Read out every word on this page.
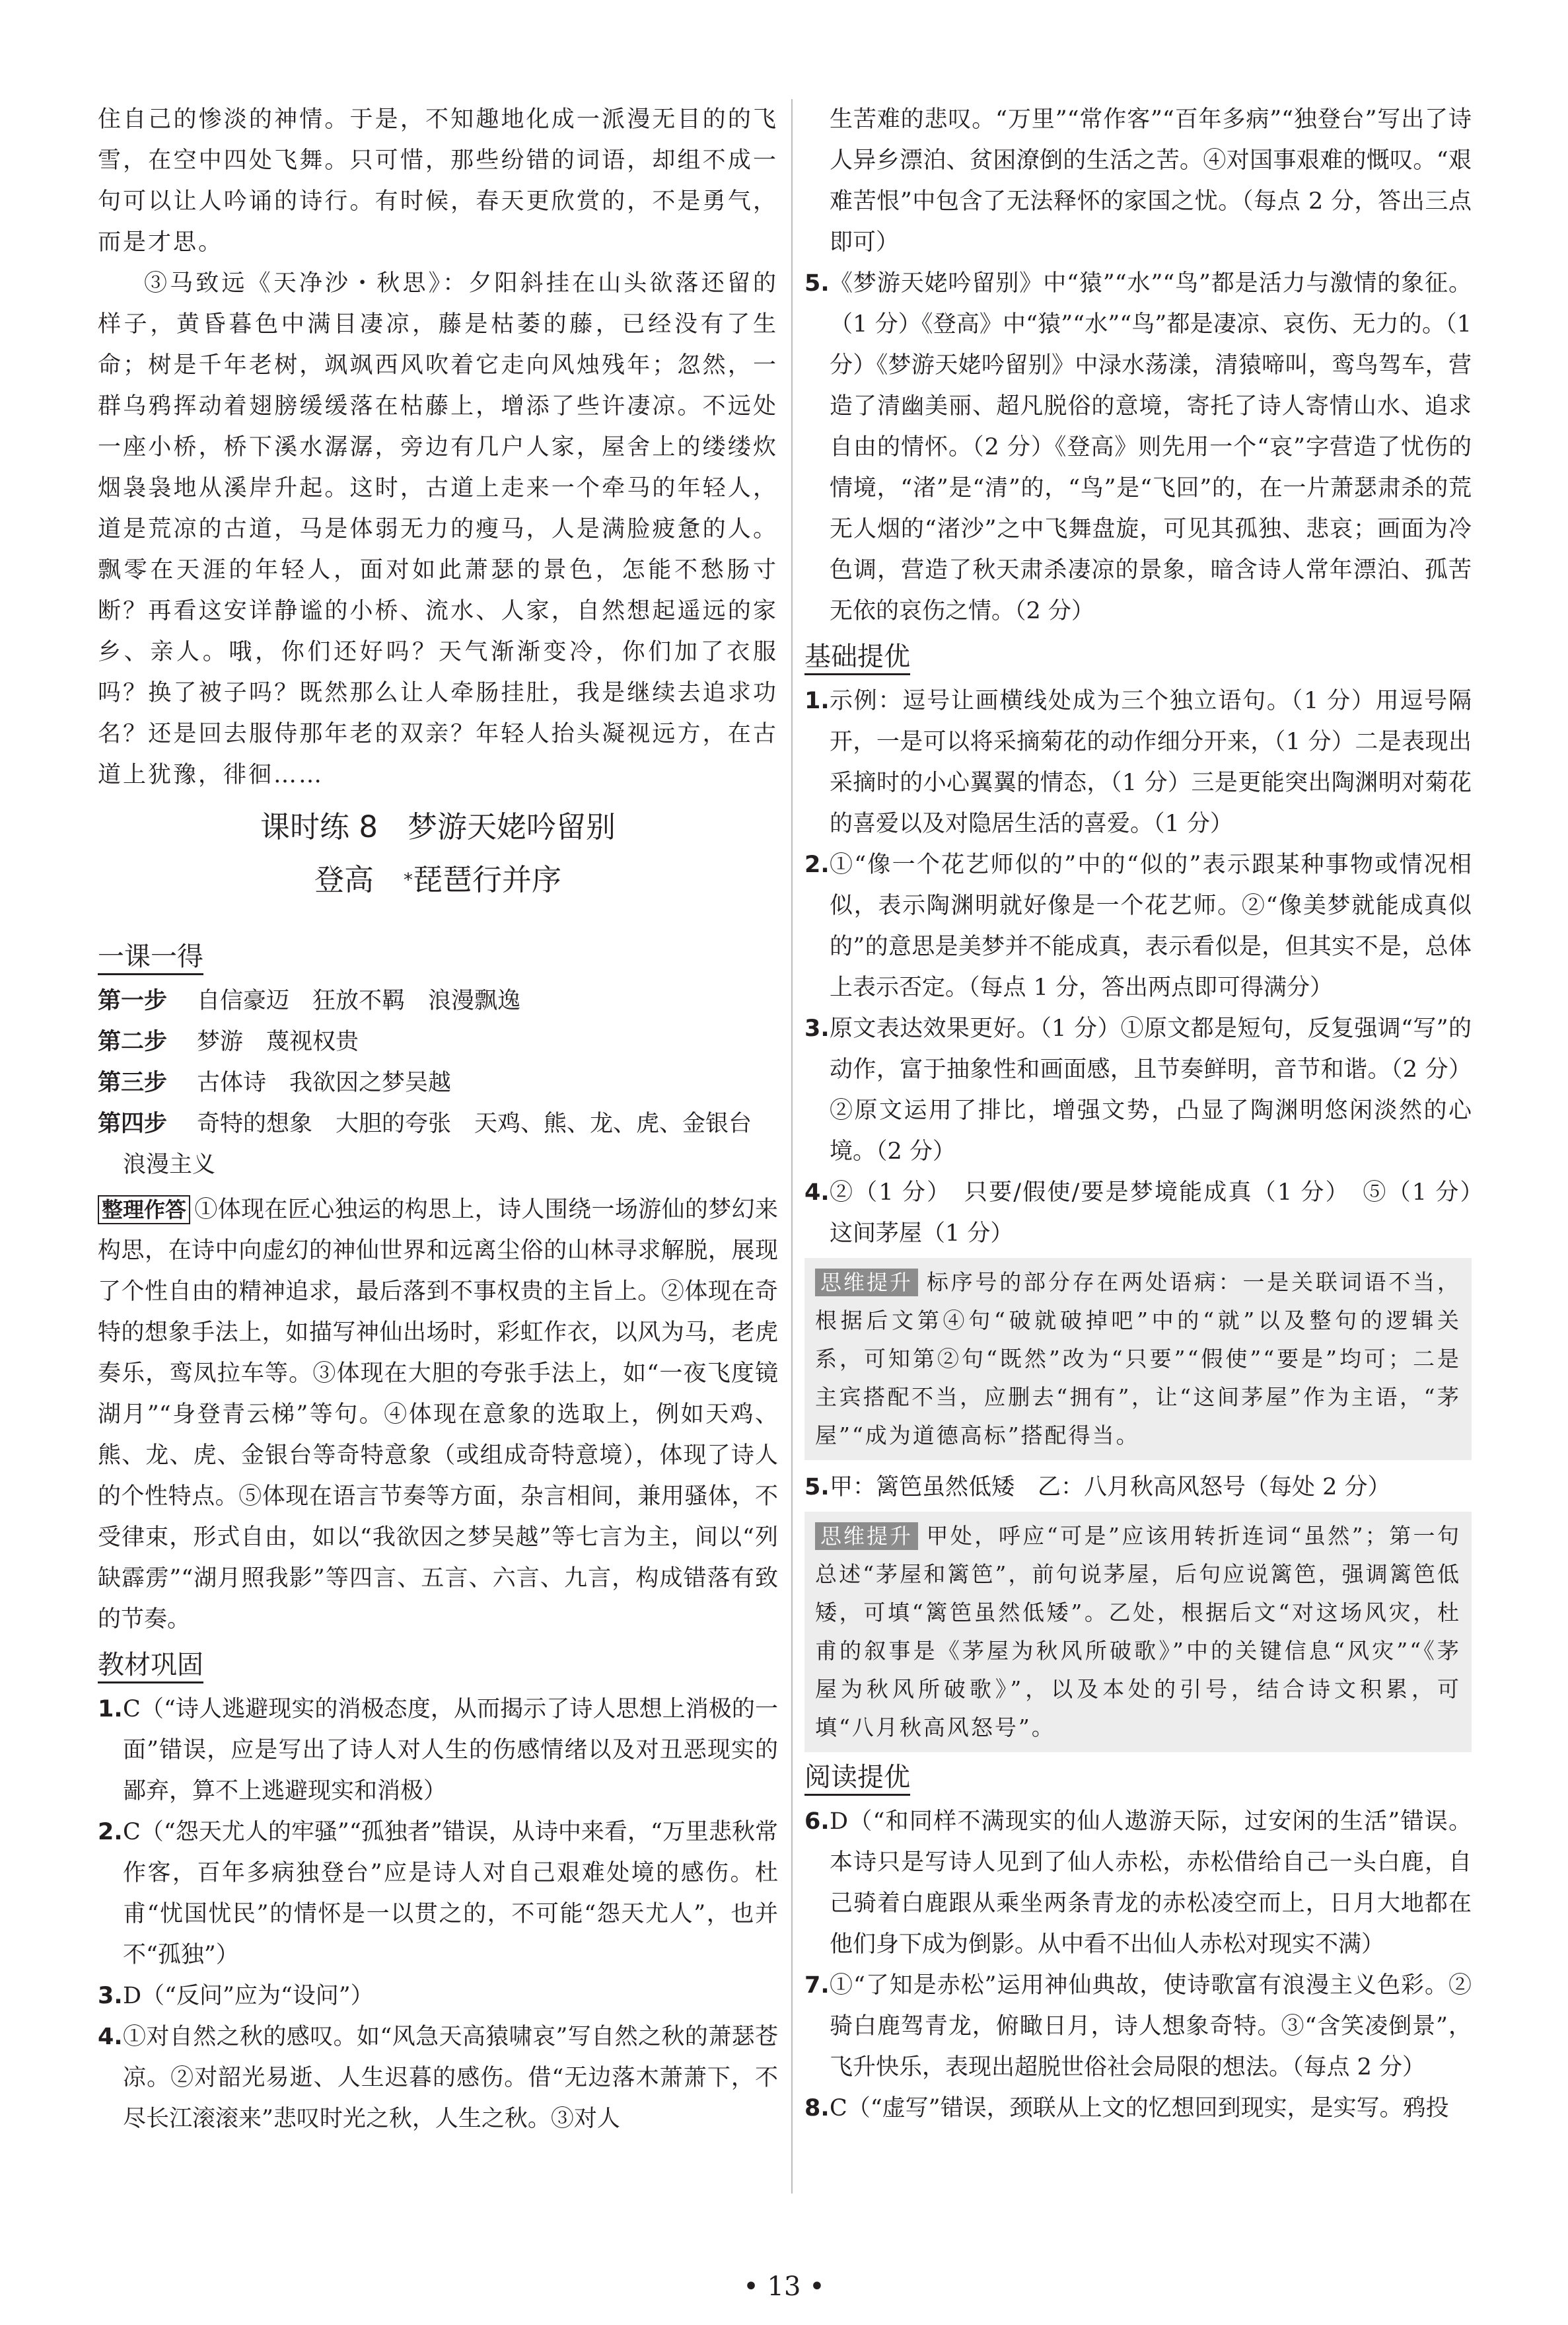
住自己的惨淡的神情。于是，不知趣地化成一派漫无目的的飞雪，在空中四处飞舞。只可惜，那些纷错的词语，却组不成一句可以让人吟诵的诗行。有时候，春天更欣赏的，不是勇气，而是才思。

③马致远《天净沙・秋思》：夕阳斜挂在山头欲落还留的样子，黄昏暮色中满目凄凉，藤是枯萎的藤，已经没有了生命；树是千年老树，飒飒西风吹着它走向风烛残年；忽然，一群乌鸦挥动着翅膀缓缓落在枯藤上，增添了些许凄凉。不远处一座小桥，桥下溪水潺潺，旁边有几户人家，屋舍上的缕缕炊烟袅袅地从溪岸升起。这时，古道上走来一个牵马的年轻人，道是荒凉的古道，马是体弱无力的瘦马，人是满脸疲惫的人。飘零在天涯的年轻人，面对如此萧瑟的景色，怎能不愁肠寸断？再看这安详静谧的小桥、流水、人家，自然想起遥远的家乡、亲人。哦，你们还好吗？天气渐渐变冷，你们加了衣服吗？换了被子吗？既然那么让人牵肠挂肚，我是继续去追求功名？还是回去服侍那年老的双亲？年轻人抬头凝视远方，在古道上犹豫，徘徊……

课时练 8　梦游天姥吟留别
登高　*琵琶行并序
一课一得
第一步	自信豪迈　狂放不羁　浪漫飘逸
第二步	梦游　蔑视权贵
第三步	古体诗　我欲因之梦吴越
第四步	奇特的想象　大胆的夸张　天鸡、熊、龙、虎、金银台

浪漫主义

整理作答 ①体现在匠心独运的构思上，诗人围绕一场游仙的梦幻来构思，在诗中向虚幻的神仙世界和远离尘俗的山林寻求解脱，展现了个性自由的精神追求，最后落到不事权贵的主旨上。②体现在奇特的想象手法上，如描写神仙出场时，彩虹作衣，以风为马，老虎奏乐，鸾凤拉车等。③体现在大胆的夸张手法上，如“一夜飞度镜湖月”“身登青云梯”等句。④体现在意象的选取上，例如天鸡、熊、龙、虎、金银台等奇特意象（或组成奇特意境），体现了诗人的个性特点。⑤体现在语言节奏等方面，杂言相间，兼用骚体，不受律束，形式自由，如以“我欲因之梦吴越”等七言为主，间以“列缺霹雳”“湖月照我影”等四言、五言、六言、九言，构成错落有致的节奏。

教材巩固
1. C（“诗人逃避现实的消极态度，从而揭示了诗人思想上消极的一面”错误，应是写出了诗人对人生的伤感情绪以及对丑恶现实的鄙弃，算不上逃避现实和消极）
2. C（“怨天尤人的牢骚”“孤独者”错误，从诗中来看，“万里悲秋常作客，百年多病独登台”应是诗人对自己艰难处境的感伤。杜甫“忧国忧民”的情怀是一以贯之的，不可能“怨天尤人”，也并不“孤独”）
3. D（“反问”应为“设问”）
4. ①对自然之秋的感叹。如“风急天高猿啸哀”写自然之秋的萧瑟苍凉。②对韶光易逝、人生迟暮的感伤。借“无边落木萧萧下，不尽长江滚滚来”悲叹时光之秋，人生之秋。③对人

生苦难的悲叹。“万里”“常作客”“百年多病”“独登台”写出了诗人异乡漂泊、贫困潦倒的生活之苦。④对国事艰难的慨叹。“艰难苦恨”中包含了无法释怀的家国之忧。（每点 2 分，答出三点即可）

5. 《梦游天姥吟留别》中“猿”“水”“鸟”都是活力与激情的象征。（1 分）《登高》中“猿”“水”“鸟”都是凄凉、哀伤、无力的。（1 分）《梦游天姥吟留别》中渌水荡漾，清猿啼叫，鸾鸟驾车，营造了清幽美丽、超凡脱俗的意境，寄托了诗人寄情山水、追求自由的情怀。（2 分）《登高》则先用一个“哀”字营造了忧伤的情境，“渚”是“清”的，“鸟”是“飞回”的，在一片萧瑟肃杀的荒无人烟的“渚沙”之中飞舞盘旋，可见其孤独、悲哀；画面为冷色调，营造了秋天肃杀凄凉的景象，暗含诗人常年漂泊、孤苦无依的哀伤之情。（2 分）
基础提优
1. 示例：逗号让画横线处成为三个独立语句。（1 分）用逗号隔开，一是可以将采摘菊花的动作细分开来，（1 分）二是表现出采摘时的小心翼翼的情态，（1 分）三是更能突出陶渊明对菊花的喜爱以及对隐居生活的喜爱。（1 分）
2. ①“像一个花艺师似的”中的“似的”表示跟某种事物或情况相似，表示陶渊明就好像是一个花艺师。②“像美梦就能成真似的”的意思是美梦并不能成真，表示看似是，但其实不是，总体上表示否定。（每点 1 分，答出两点即可得满分）
3. 原文表达效果更好。（1 分）①原文都是短句，反复强调“写”的动作，富于抽象性和画面感，且节奏鲜明，音节和谐。（2 分）②原文运用了排比，增强文势，凸显了陶渊明悠闲淡然的心境。（2 分）
4. ②（1 分）　只要/假使/要是梦境能成真（1 分）　⑤（1 分）　这间茅屋（1 分）

思维提升 标序号的部分存在两处语病：一是关联词语不当，根据后文第④句“破就破掉吧”中的“就”以及整句的逻辑关系，可知第②句“既然”改为“只要”“假使”“要是”均可；二是主宾搭配不当，应删去“拥有”，让“这间茅屋”作为主语，“茅屋”“成为道德高标”搭配得当。

5. 甲：篱笆虽然低矮　乙：八月秋高风怒号（每处 2 分）

思维提升 甲处，呼应“可是”应该用转折连词“虽然”；第一句总述“茅屋和篱笆”，前句说茅屋，后句应说篱笆，强调篱笆低矮，可填“篱笆虽然低矮”。乙处，根据后文“对这场风灾，杜甫的叙事是《茅屋为秋风所破歌》”中的关键信息“风灾”“《茅屋为秋风所破歌》”，以及本处的引号，结合诗文积累，可填“八月秋高风怒号”。

阅读提优
6. D（“和同样不满现实的仙人遨游天际，过安闲的生活”错误。本诗只是写诗人见到了仙人赤松，赤松借给自己一头白鹿，自己骑着白鹿跟从乘坐两条青龙的赤松凌空而上，日月大地都在他们身下成为倒影。从中看不出仙人赤松对现实不满）
7. ①“了知是赤松”运用神仙典故，使诗歌富有浪漫主义色彩。②骑白鹿驾青龙，俯瞰日月，诗人想象奇特。③“含笑凌倒景”，飞升快乐，表现出超脱世俗社会局限的想法。（每点 2 分）
8. C（“虚写”错误，颈联从上文的忆想回到现实，是实写。鸦投
• 13 •
